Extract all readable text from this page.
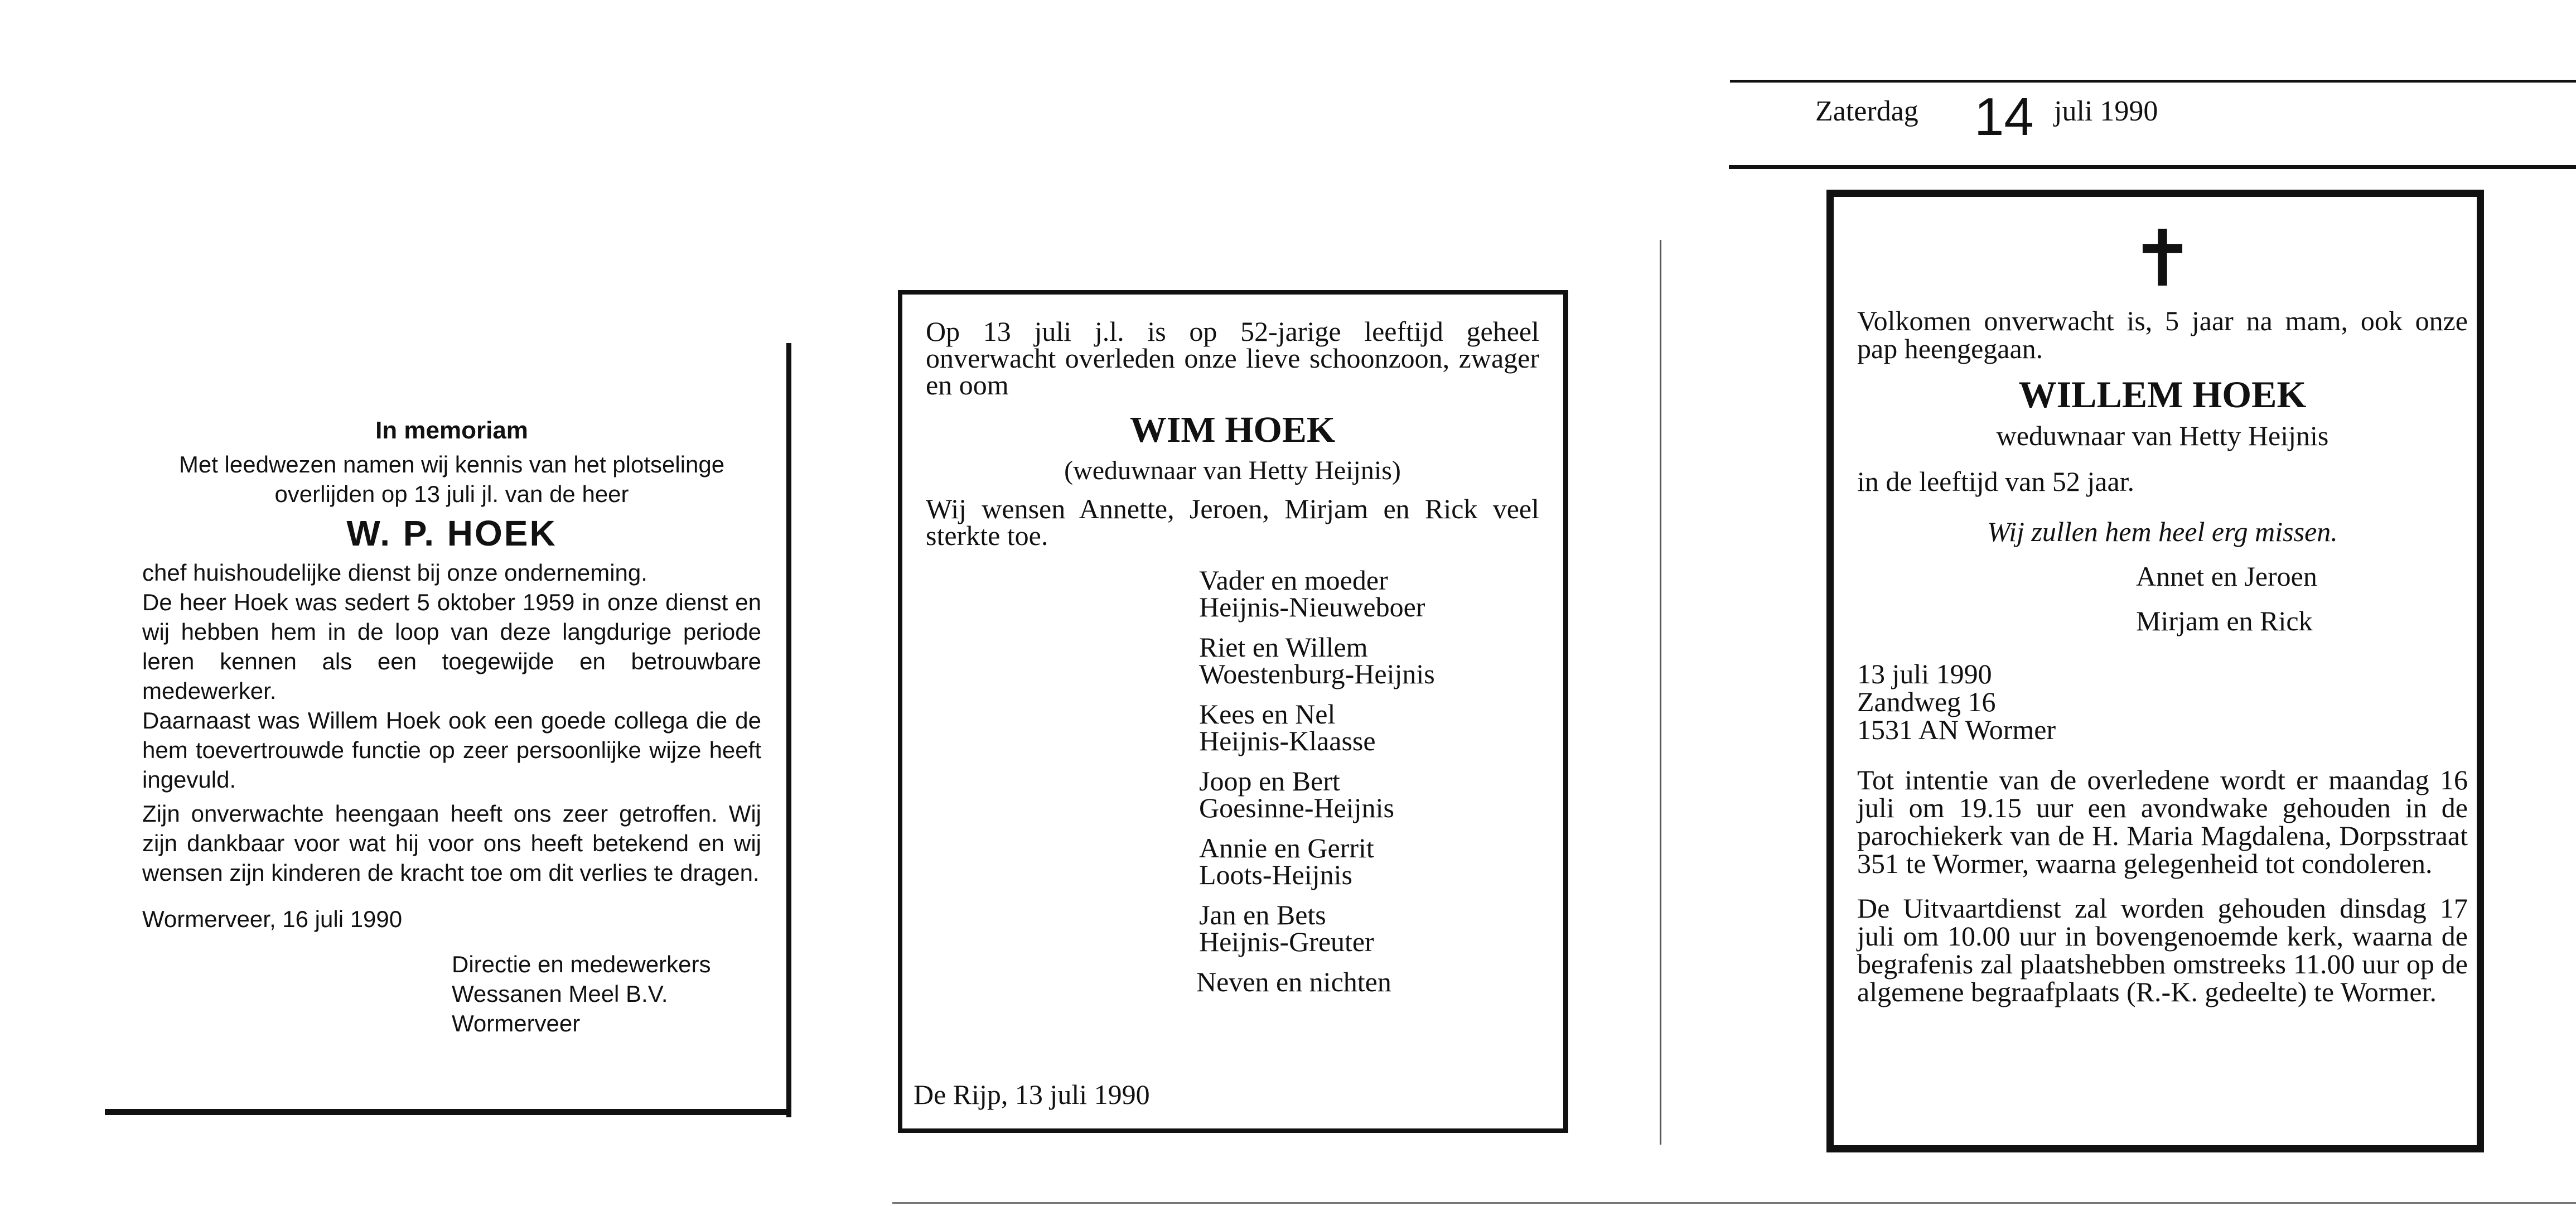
In memoriam

Met leedwezen namen wij kennis van het plotselinge

overlijden op 13 juli jl. van de heer

W. P. HOEK

chef huishoudelijke dienst bij onze onderneming.

De heer Hoek was sedert 5 oktober 1959 in onze dienst en wij hebben hem in de loop van deze langdurige periode leren kennen als een toegewijde en betrouwbare medewerker.

Daarnaast was Willem Hoek ook een goede collega die de hem toevertrouwde functie op zeer persoonlijke wijze heeft ingevuld.

Zijn onverwachte heengaan heeft ons zeer getroffen. Wij zijn dankbaar voor wat hij voor ons heeft betekend en wij wensen zijn kinderen de kracht toe om dit verlies te dragen.

Wormerveer, 16 juli 1990

Directie en medewerkers

Wessanen Meel B.V.

Wormerveer

Op 13 juli j.l. is op 52-jarige leeftijd geheel onverwacht overleden onze lieve schoonzoon, zwager en oom

WIM HOEK

(weduwnaar van Hetty Heijnis)

Wij wensen Annette, Jeroen, Mirjam en Rick veel sterkte toe.

Vader en moeder

Heijnis-Nieuweboer

Riet en Willem

Woestenburg-Heijnis

Kees en Nel

Heijnis-Klaasse

Joop en Bert

Goesinne-Heijnis

Annie en Gerrit

Loots-Heijnis

Jan en Bets

Heijnis-Greuter

Neven en nichten

De Rijp, 13 juli 1990

Zaterdag 14 juli 1990

✝

Volkomen onverwacht is, 5 jaar na mam, ook onze pap heengegaan.

WILLEM HOEK

weduwnaar van Hetty Heijnis

in de leeftijd van 52 jaar.

Wij zullen hem heel erg missen.

Annet en Jeroen

Mirjam en Rick

13 juli 1990

Zandweg 16

1531 AN Wormer

Tot intentie van de overledene wordt er maandag 16 juli om 19.15 uur een avondwake gehouden in de parochiekerk van de H. Maria Magdalena, Dorpsstraat 351 te Wormer, waarna gelegenheid tot condoleren.

De Uitvaartdienst zal worden gehouden dinsdag 17 juli om 10.00 uur in bovengenoemde kerk, waarna de begrafenis zal plaatshebben omstreeks 11.00 uur op de algemene begraafplaats (R.-K. gedeelte) te Wormer.
